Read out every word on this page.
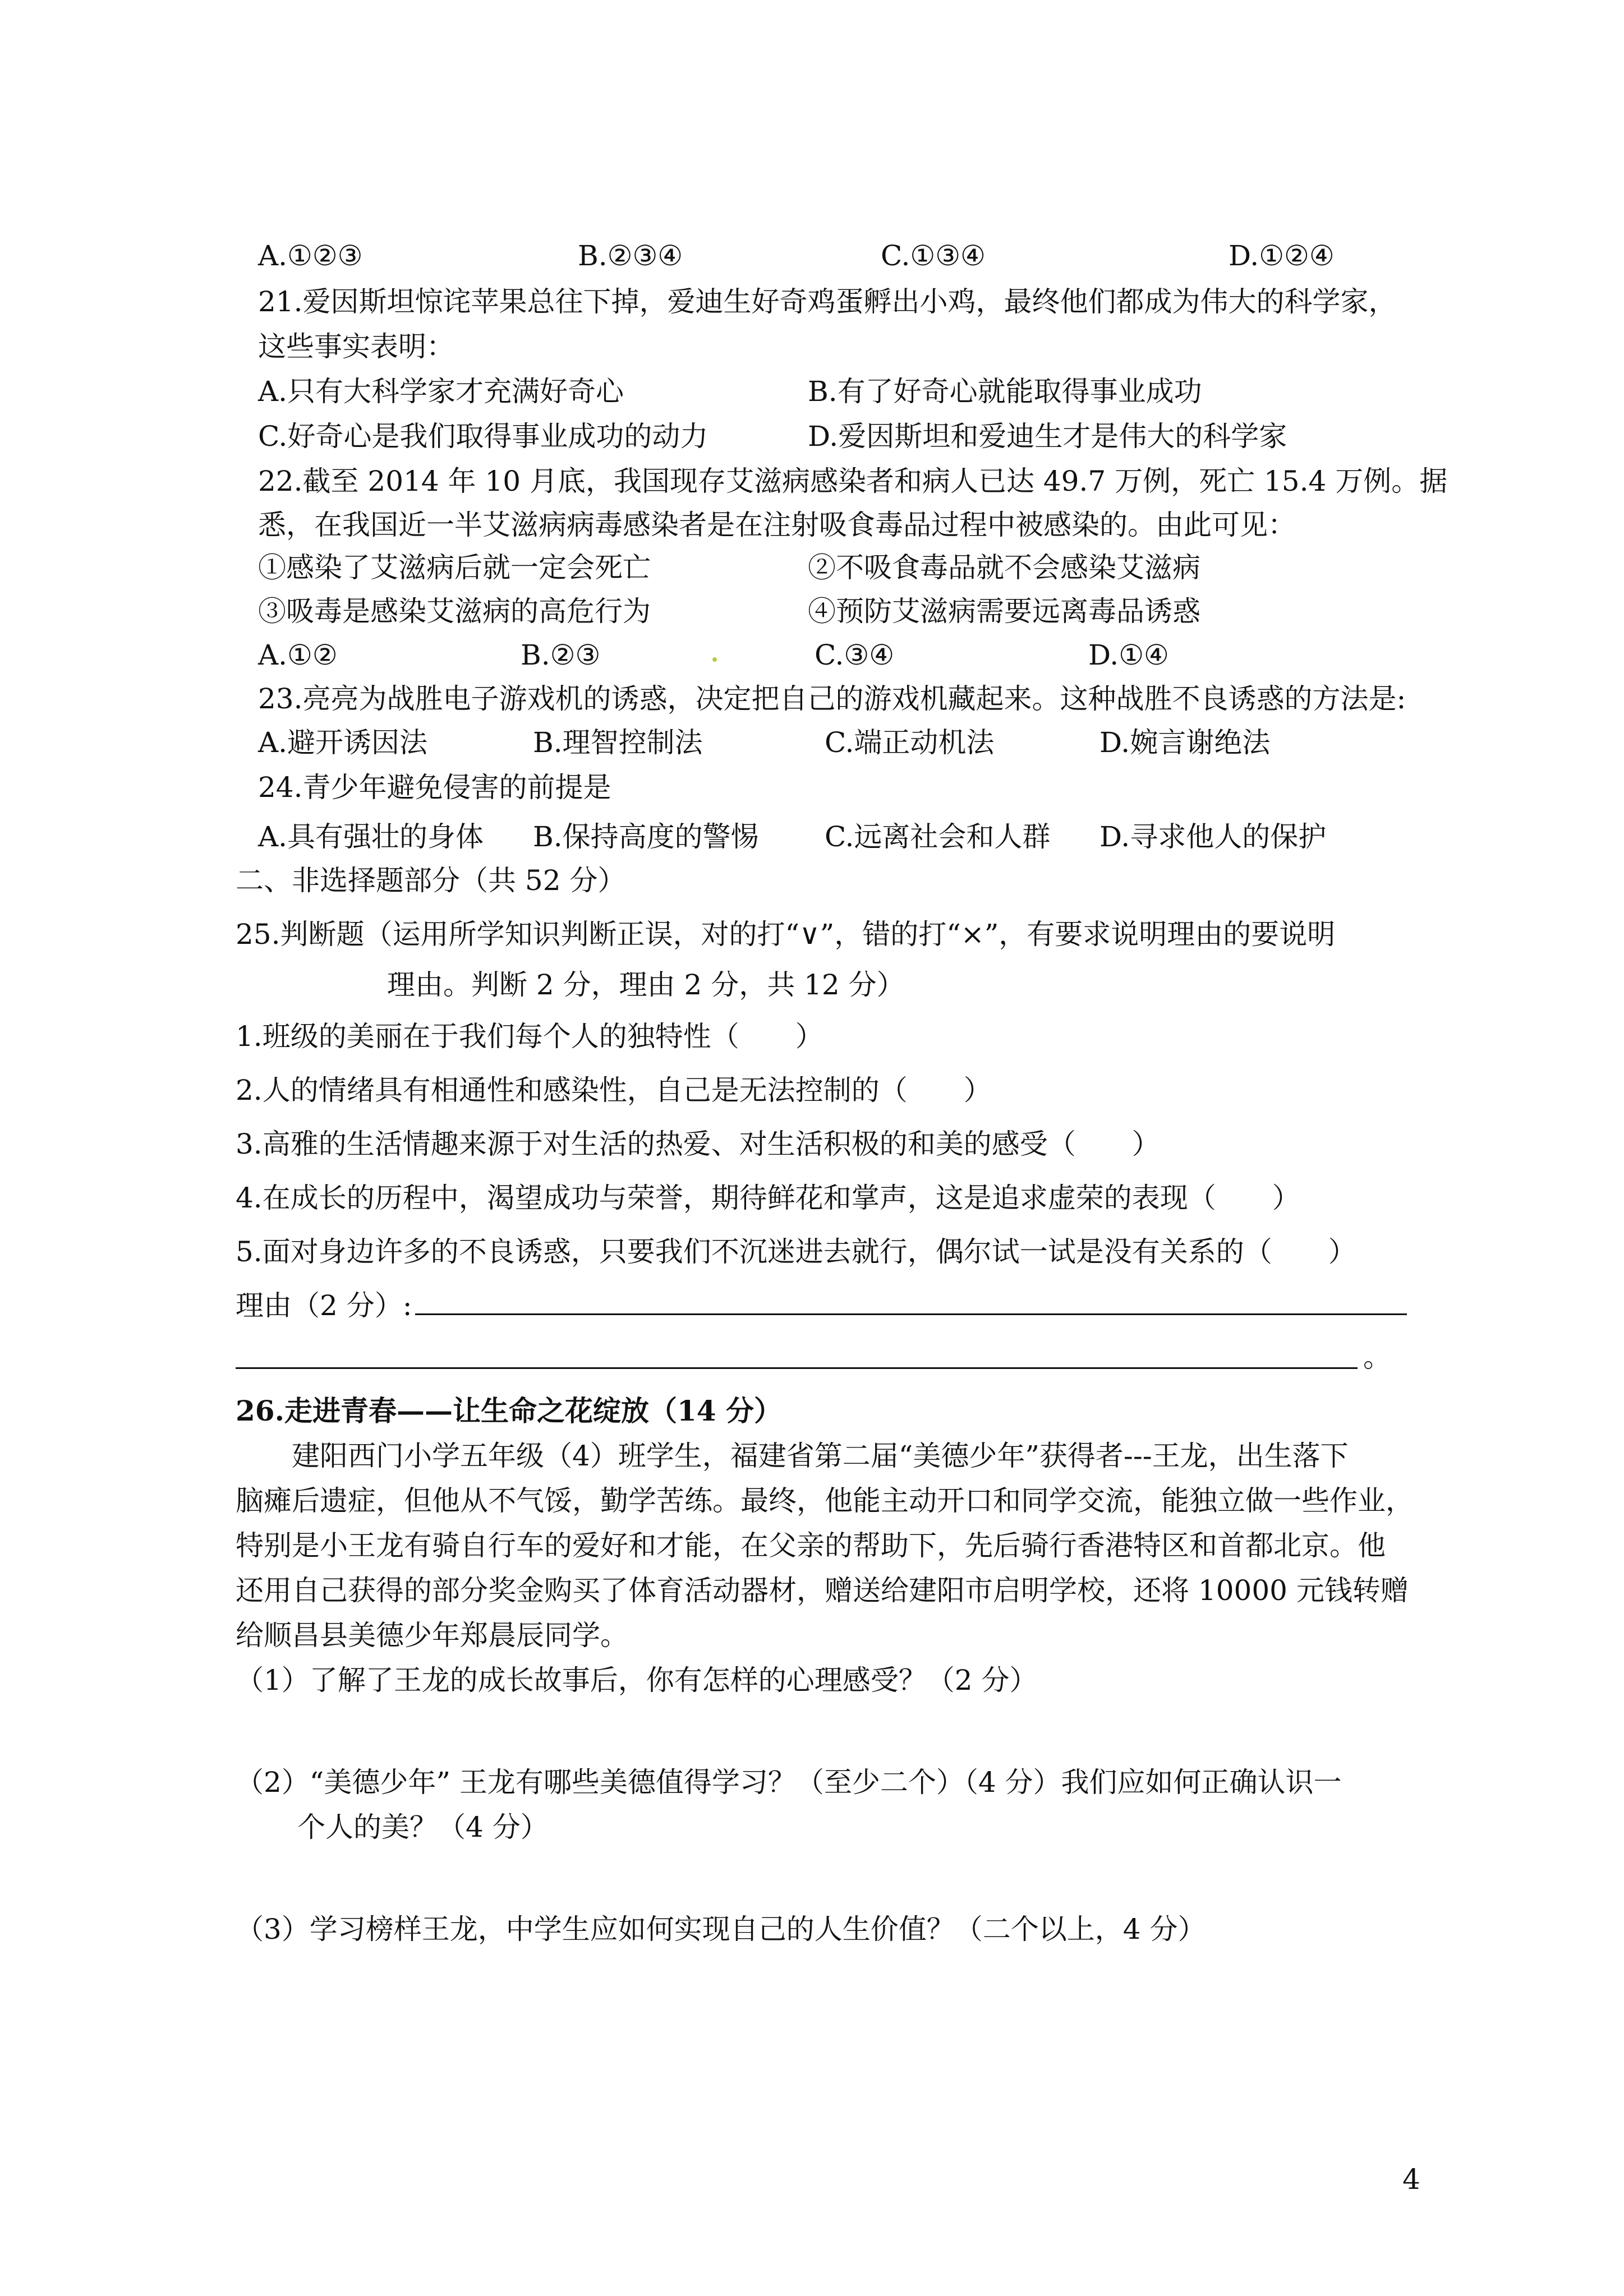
A.①②③	B.②③④	C.①③④	D.①②④
21.爱因斯坦惊诧苹果总往下掉，爱迪生好奇鸡蛋孵出小鸡，最终他们都成为伟大的科学家，
这些事实表明：
A.只有大科学家才充满好奇心	B.有了好奇心就能取得事业成功
C.好奇心是我们取得事业成功的动力	D.爱因斯坦和爱迪生才是伟大的科学家
22.截至 2014 年 10 月底，我国现存艾滋病感染者和病人已达 49.7 万例，死亡 15.4 万例。据
悉，在我国近一半艾滋病病毒感染者是在注射吸食毒品过程中被感染的。由此可见：
①感染了艾滋病后就一定会死亡	②不吸食毒品就不会感染艾滋病
③吸毒是感染艾滋病的高危行为	④预防艾滋病需要远离毒品诱惑
A.①②	B.②③	C.③④	D.①④
23.亮亮为战胜电子游戏机的诱惑，决定把自己的游戏机藏起来。这种战胜不良诱惑的方法是:
A.避开诱因法	B.理智控制法	C.端正动机法	D.婉言谢绝法
24.青少年避免侵害的前提是
A.具有强壮的身体 B.保持高度的警惕 C.远离社会和人群 D.寻求他人的保护
二、非选择题部分（共 52 分）
25.判断题（运用所学知识判断正误，对的打“∨”，错的打“×”，有要求说明理由的要说明
理由。判断 2 分，理由 2 分，共 12 分）
1.班级的美丽在于我们每个人的独特性（　　）
2.人的情绪具有相通性和感染性，自己是无法控制的（　　）
3.高雅的生活情趣来源于对生活的热爱、对生活积极的和美的感受（　　）
4.在成长的历程中，渴望成功与荣誉，期待鲜花和掌声，这是追求虚荣的表现（　　）
5.面对身边许多的不良诱惑，只要我们不沉迷进去就行，偶尔试一试是没有关系的（　　）
理由（2 分）:
。
26.走进青春——让生命之花绽放（14 分）
建阳西门小学五年级（4）班学生，福建省第二届“美德少年”获得者---王龙，出生落下
脑瘫后遗症，但他从不气馁，勤学苦练。最终，他能主动开口和同学交流，能独立做一些作业，
特别是小王龙有骑自行车的爱好和才能，在父亲的帮助下，先后骑行香港特区和首都北京。他
还用自己获得的部分奖金购买了体育活动器材，赠送给建阳市启明学校，还将 10000 元钱转赠
给顺昌县美德少年郑晨辰同学。
（1）了解了王龙的成长故事后，你有怎样的心理感受？（2 分）
（2）“美德少年” 王龙有哪些美德值得学习？（至少二个）（4 分）我们应如何正确认识一
个人的美？（4 分）
（3）学习榜样王龙，中学生应如何实现自己的人生价值？（二个以上，4 分）
4
